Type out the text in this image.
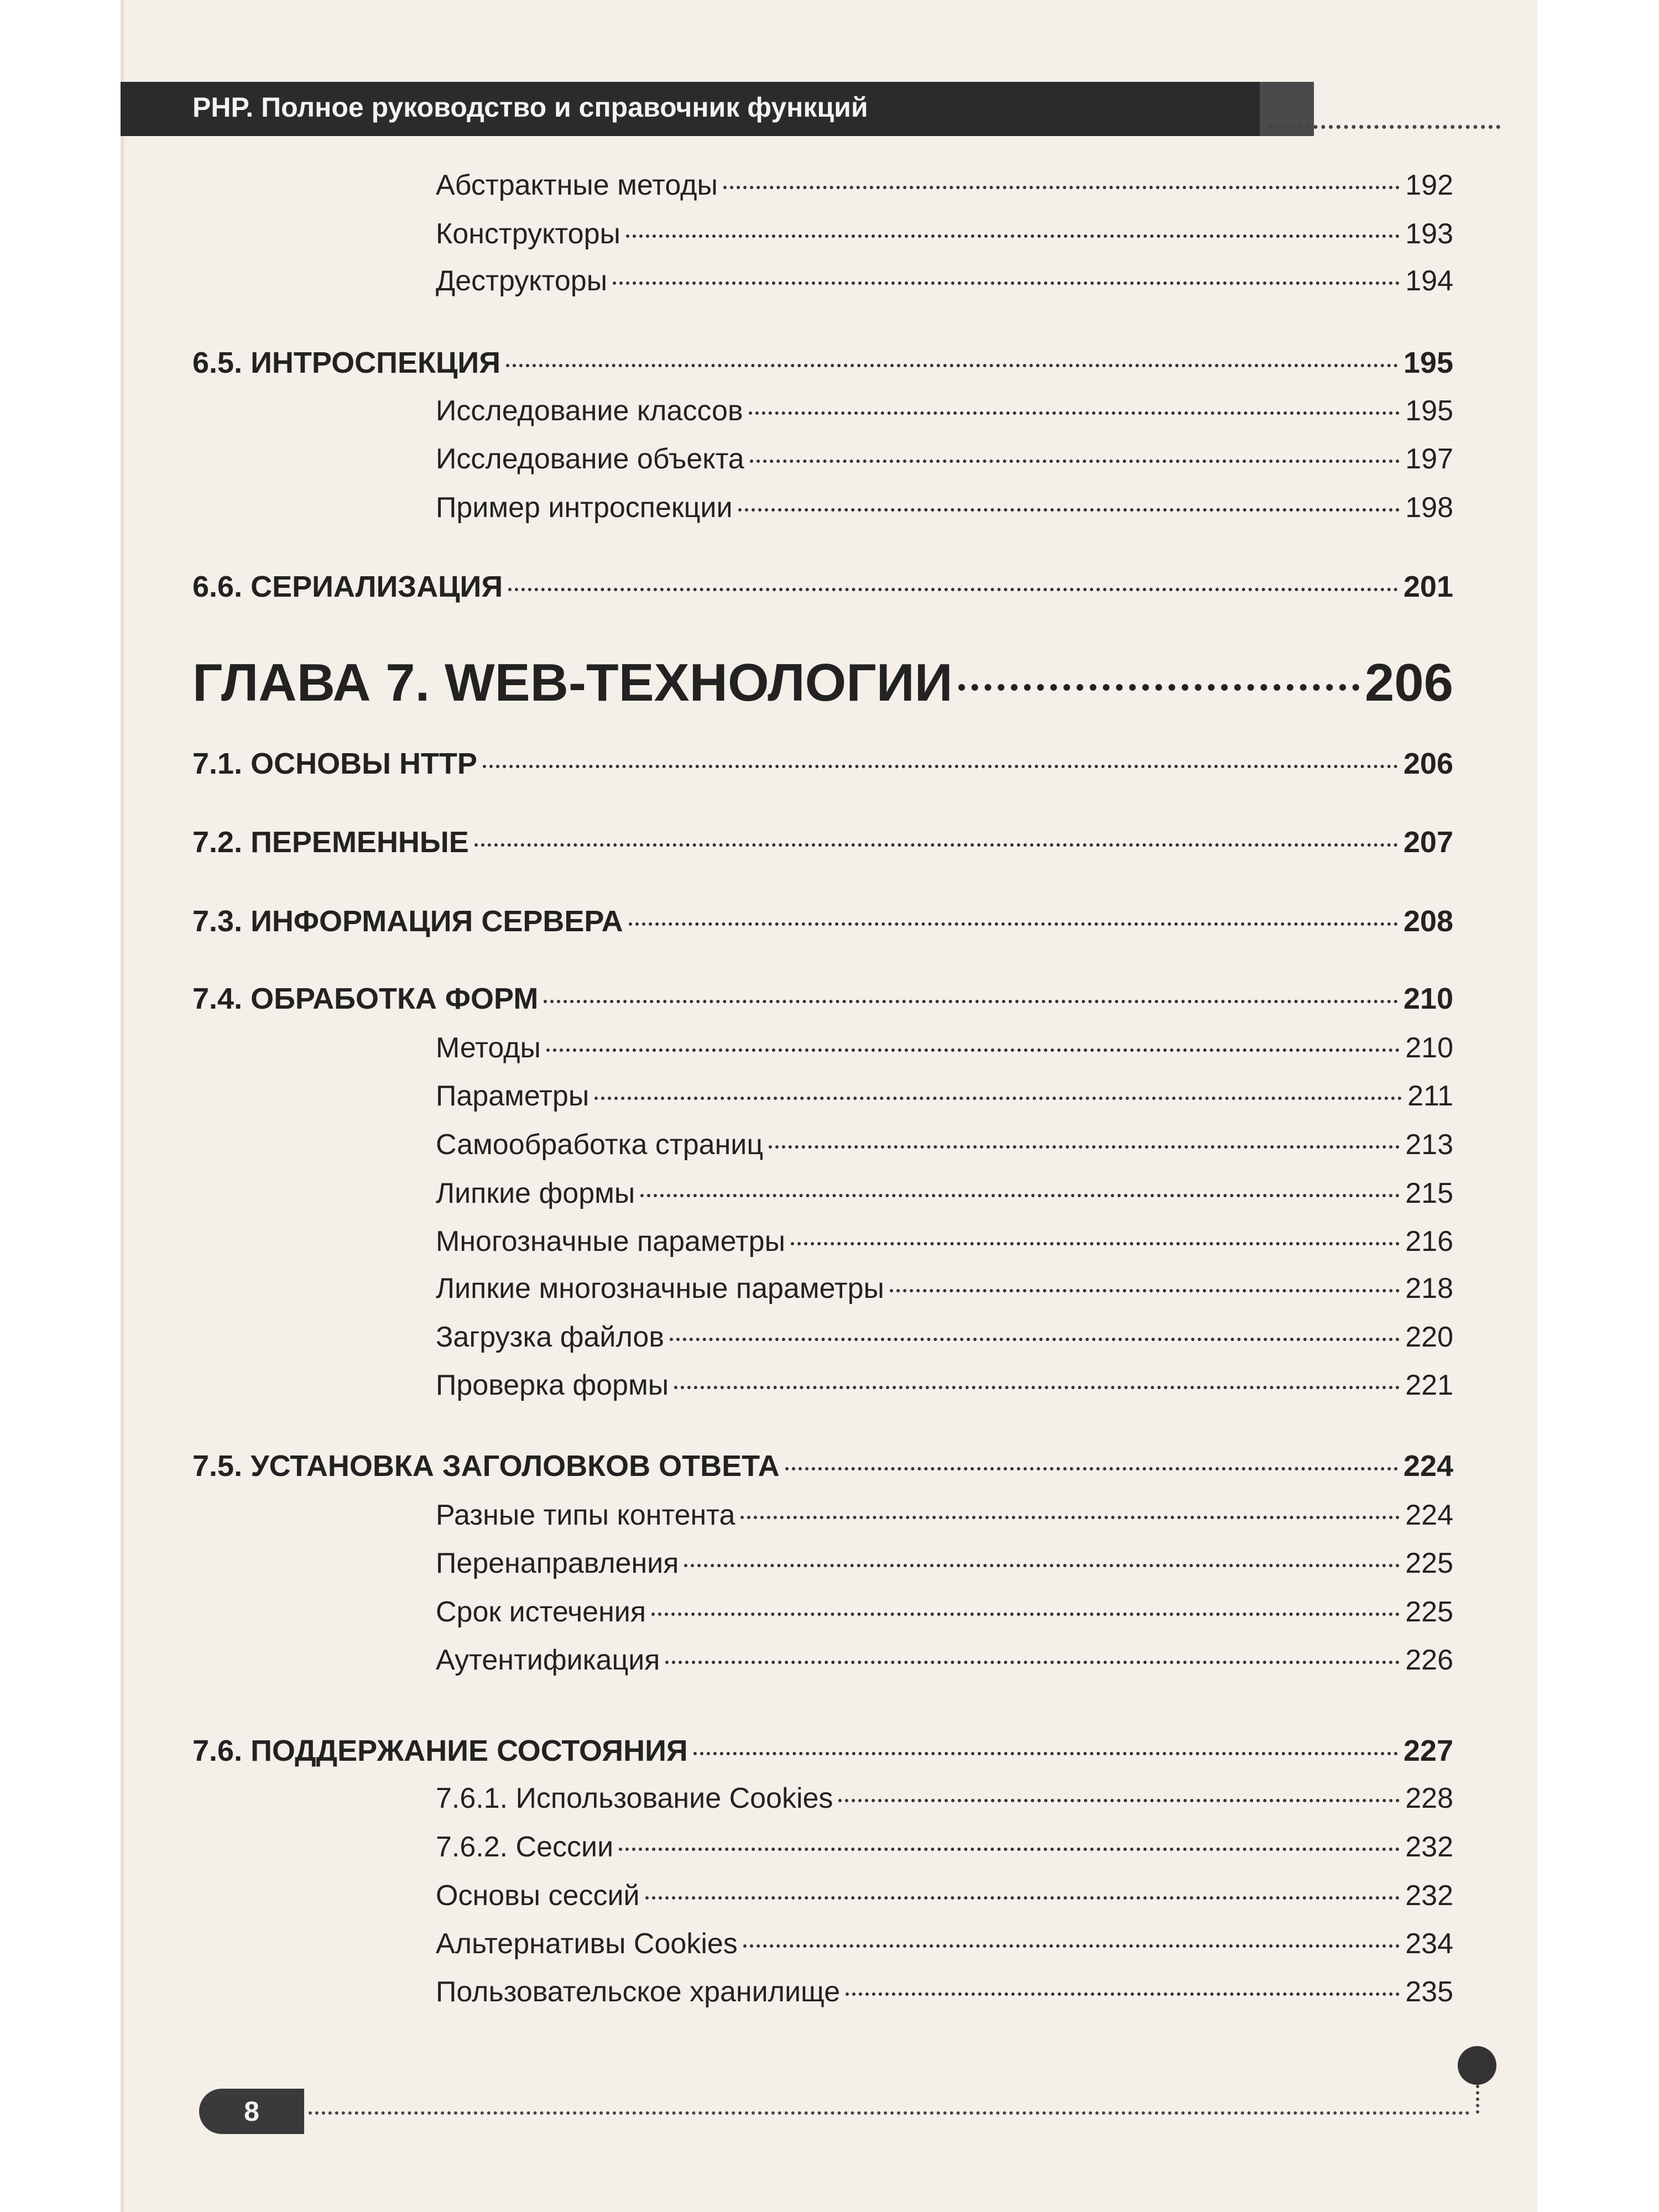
PHP. Полное руководство и справочник функций
Абстрактные методы	192
Конструкторы	193
Деструкторы	194
6.5. ИНТРОСПЕКЦИЯ	195
Исследование классов	195
Исследование объекта	197
Пример интроспекции	198
6.6. СЕРИАЛИЗАЦИЯ	201
ГЛАВА 7. WEB-ТЕХНОЛОГИИ	206
7.1. ОСНОВЫ HTTP	206
7.2. ПЕРЕМЕННЫЕ	207
7.3. ИНФОРМАЦИЯ СЕРВЕРА	208
7.4. ОБРАБОТКА ФОРМ	210
Методы	210
Параметры	211
Самообработка страниц	213
Липкие формы	215
Многозначные параметры	216
Липкие многозначные параметры	218
Загрузка файлов	220
Проверка формы	221
7.5. УСТАНОВКА ЗАГОЛОВКОВ ОТВЕТА	224
Разные типы контента	224
Перенаправления	225
Срок истечения	225
Аутентификация	226
7.6. ПОДДЕРЖАНИЕ СОСТОЯНИЯ	227
7.6.1. Использование Cookies	228
7.6.2. Сессии	232
Основы сессий	232
Альтернативы Cookies	234
Пользовательское хранилище	235
8
